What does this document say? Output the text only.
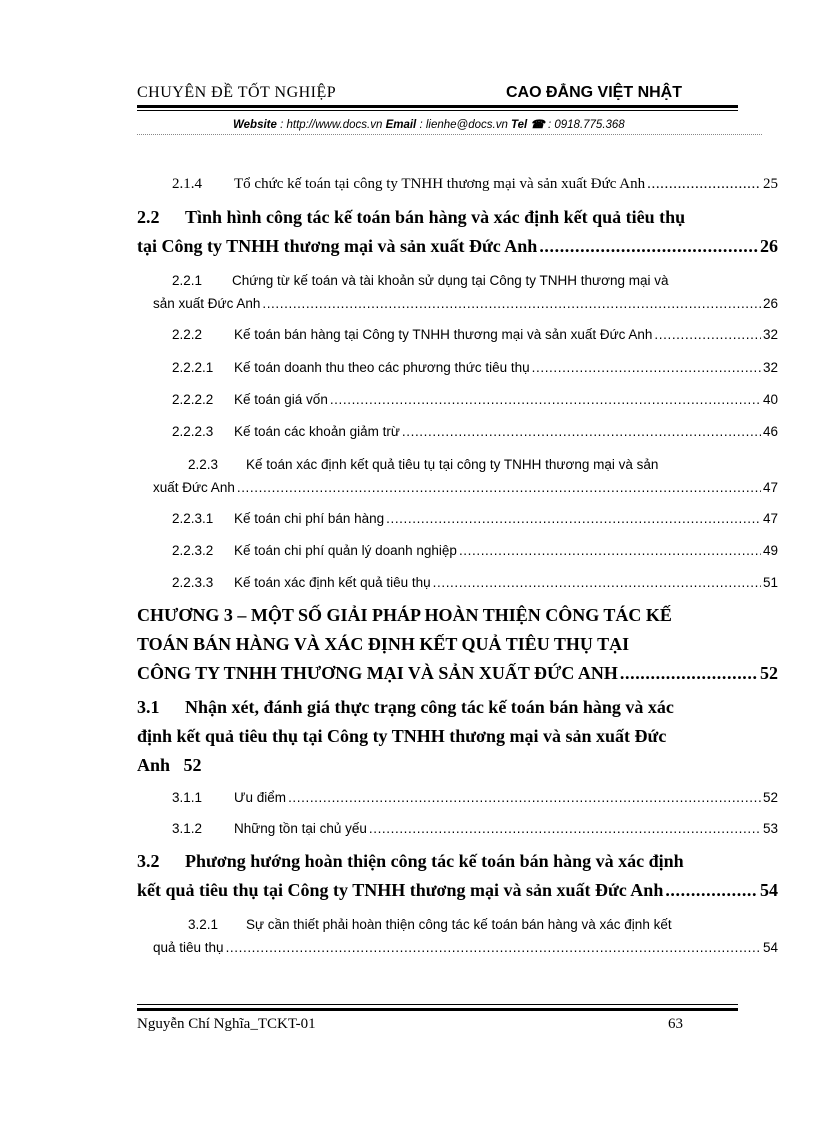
CHUYÊN ĐỀ TỐT NGHIỆP	CAO ĐẲNG VIỆT NHẬT
Website : http://www.docs.vn Email : lienhe@docs.vn Tel ☎ : 0918.775.368
2.1.4	Tổ chức kế toán tại công ty TNHH thương mại và sản xuất Đức Anh .....	25
2.2 Tình hình công tác kế toán bán hàng và xác định kết quả tiêu thụ
tại Công ty TNHH thương mại và sản xuất Đức Anh .....	26
2.2.1 Chứng từ kế toán và tài khoản sử dụng tại Công ty TNHH thương mại và
sản xuất Đức Anh .....	26
2.2.2	Kế toán bán hàng tại Công ty TNHH thương mại và sản xuất Đức Anh .....	32
2.2.2.1	Kế toán doanh thu theo các phương thức tiêu thụ .....	32
2.2.2.2	Kế toán giá vốn .....	40
2.2.2.3	Kế toán các khoản giảm trừ .....	46
2.2.3 Kế toán xác định kết quả tiêu tụ tại công ty TNHH thương mại và sản
xuất Đức Anh .....	47
2.2.3.1	Kế toán chi phí bán hàng .....	47
2.2.3.2	Kế toán chi phí quản lý doanh nghiệp .....	49
2.2.3.3	Kế toán xác định kết quả tiêu thụ .....	51
CHƯƠNG 3 – MỘT SỐ GIẢI PHÁP HOÀN THIỆN CÔNG TÁC KẾ
TOÁN BÁN HÀNG VÀ XÁC ĐỊNH KẾT QUẢ TIÊU THỤ TẠI
CÔNG TY TNHH THƯƠNG MẠI VÀ SẢN XUẤT ĐỨC ANH .....	52
3.1 Nhận xét, đánh giá thực trạng công tác kế toán bán hàng và xác
định kết quả tiêu thụ tại Công ty TNHH thương mại và sản xuất Đức
Anh 52
3.1.1	Ưu điểm .....	52
3.1.2	Những tồn tại chủ yếu .....	53
3.2 Phương hướng hoàn thiện công tác kế toán bán hàng và xác định
kết quả tiêu thụ tại Công ty TNHH thương mại và sản xuất Đức Anh .....	54
3.2.1 Sự cần thiết phải hoàn thiện công tác kế toán bán hàng và xác định kết
quả tiêu thụ .....	54
Nguyễn Chí Nghĩa_TCKT-01	63
